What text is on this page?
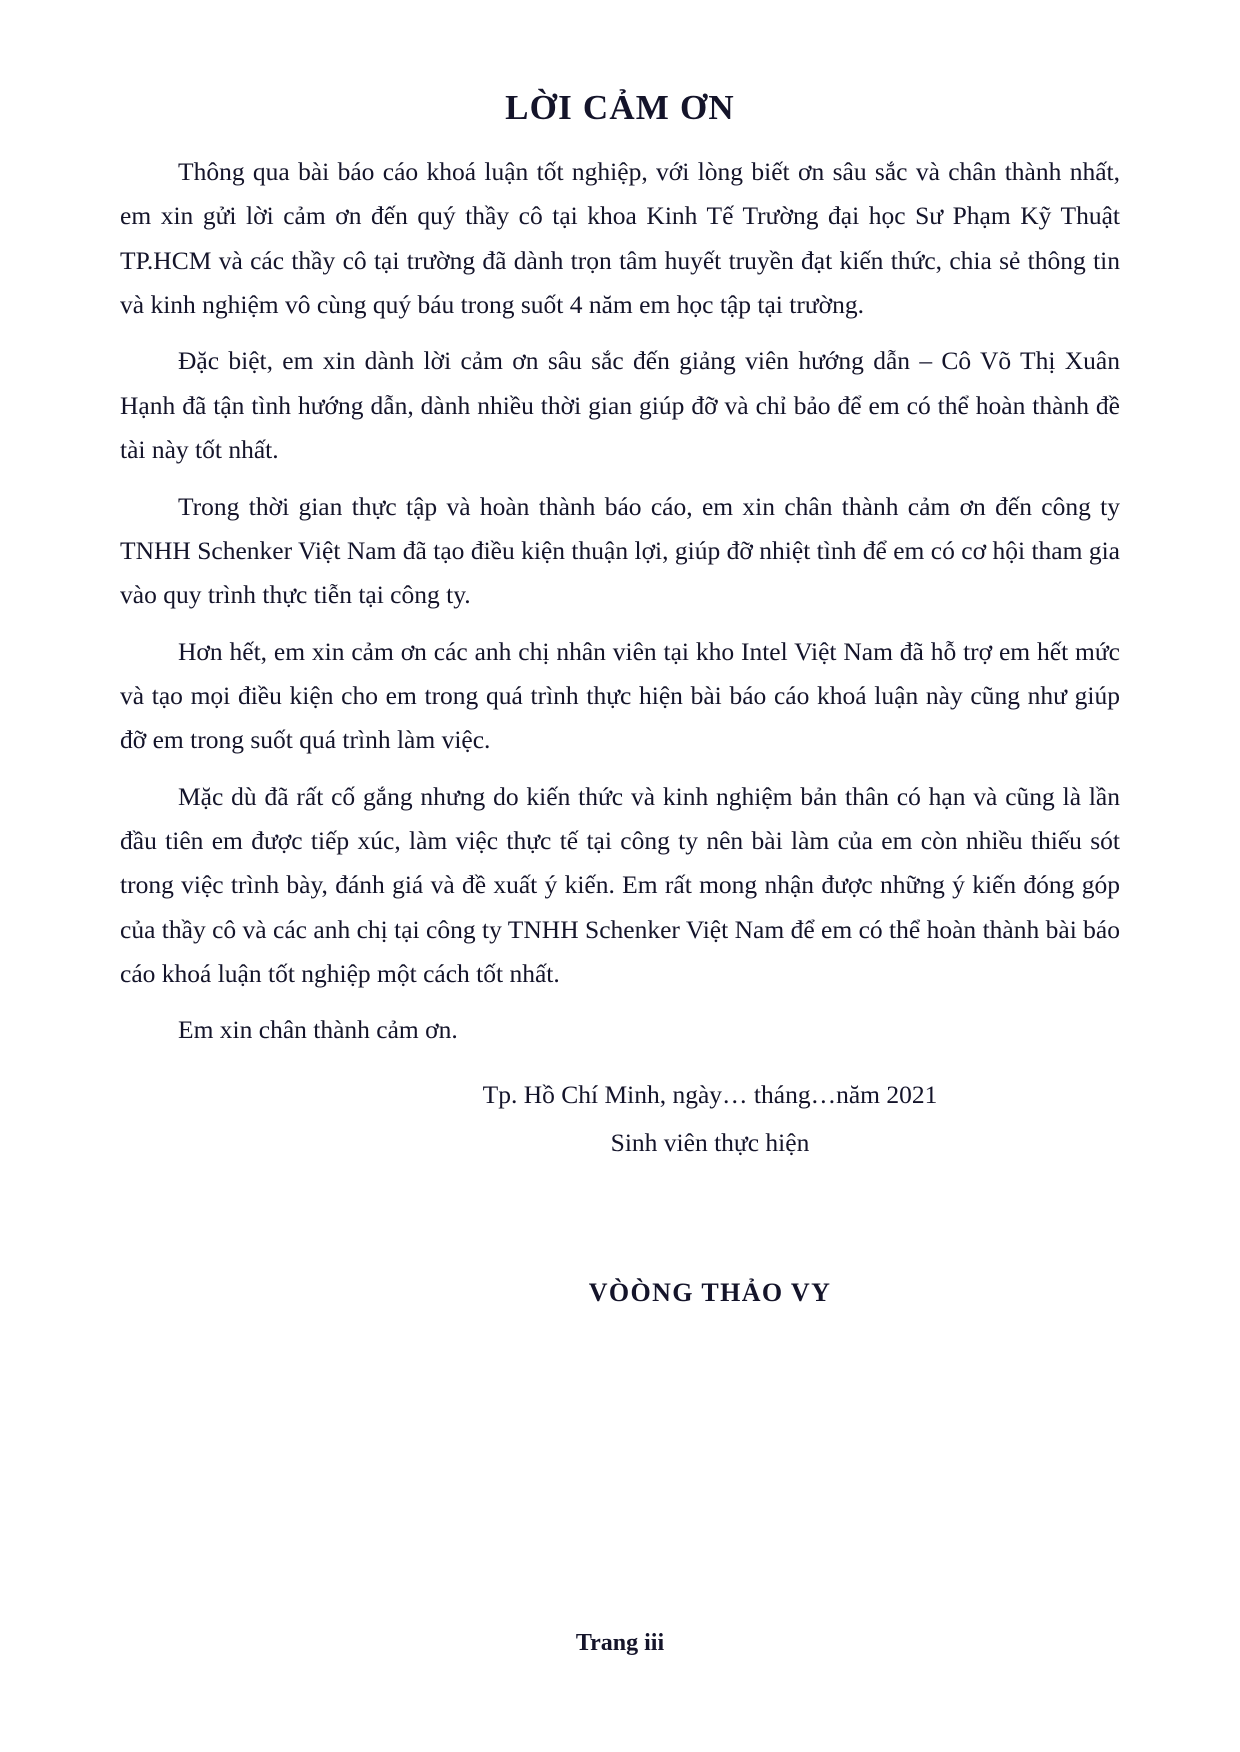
LỜI CẢM ƠN

Thông qua bài báo cáo khoá luận tốt nghiệp, với lòng biết ơn sâu sắc và chân thành nhất, em xin gửi lời cảm ơn đến quý thầy cô tại khoa Kinh Tế Trường đại học Sư Phạm Kỹ Thuật TP.HCM và các thầy cô tại trường đã dành trọn tâm huyết truyền đạt kiến thức, chia sẻ thông tin và kinh nghiệm vô cùng quý báu trong suốt 4 năm em học tập tại trường.

Đặc biệt, em xin dành lời cảm ơn sâu sắc đến giảng viên hướng dẫn – Cô Võ Thị Xuân Hạnh đã tận tình hướng dẫn, dành nhiều thời gian giúp đỡ và chỉ bảo để em có thể hoàn thành đề tài này tốt nhất.

Trong thời gian thực tập và hoàn thành báo cáo, em xin chân thành cảm ơn đến công ty TNHH Schenker Việt Nam đã tạo điều kiện thuận lợi, giúp đỡ nhiệt tình để em có cơ hội tham gia vào quy trình thực tiễn tại công ty.

Hơn hết, em xin cảm ơn các anh chị nhân viên tại kho Intel Việt Nam đã hỗ trợ em hết mức và tạo mọi điều kiện cho em trong quá trình thực hiện bài báo cáo khoá luận này cũng như giúp đỡ em trong suốt quá trình làm việc.

Mặc dù đã rất cố gắng nhưng do kiến thức và kinh nghiệm bản thân có hạn và cũng là lần đầu tiên em được tiếp xúc, làm việc thực tế tại công ty nên bài làm của em còn nhiều thiếu sót trong việc trình bày, đánh giá và đề xuất ý kiến. Em rất mong nhận được những ý kiến đóng góp của thầy cô và các anh chị tại công ty TNHH Schenker Việt Nam để em có thể hoàn thành bài báo cáo khoá luận tốt nghiệp một cách tốt nhất.

Em xin chân thành cảm ơn.

Tp. Hồ Chí Minh, ngày… tháng…năm 2021
Sinh viên thực hiện
VÒÒNG THẢO VY
Trang iii
